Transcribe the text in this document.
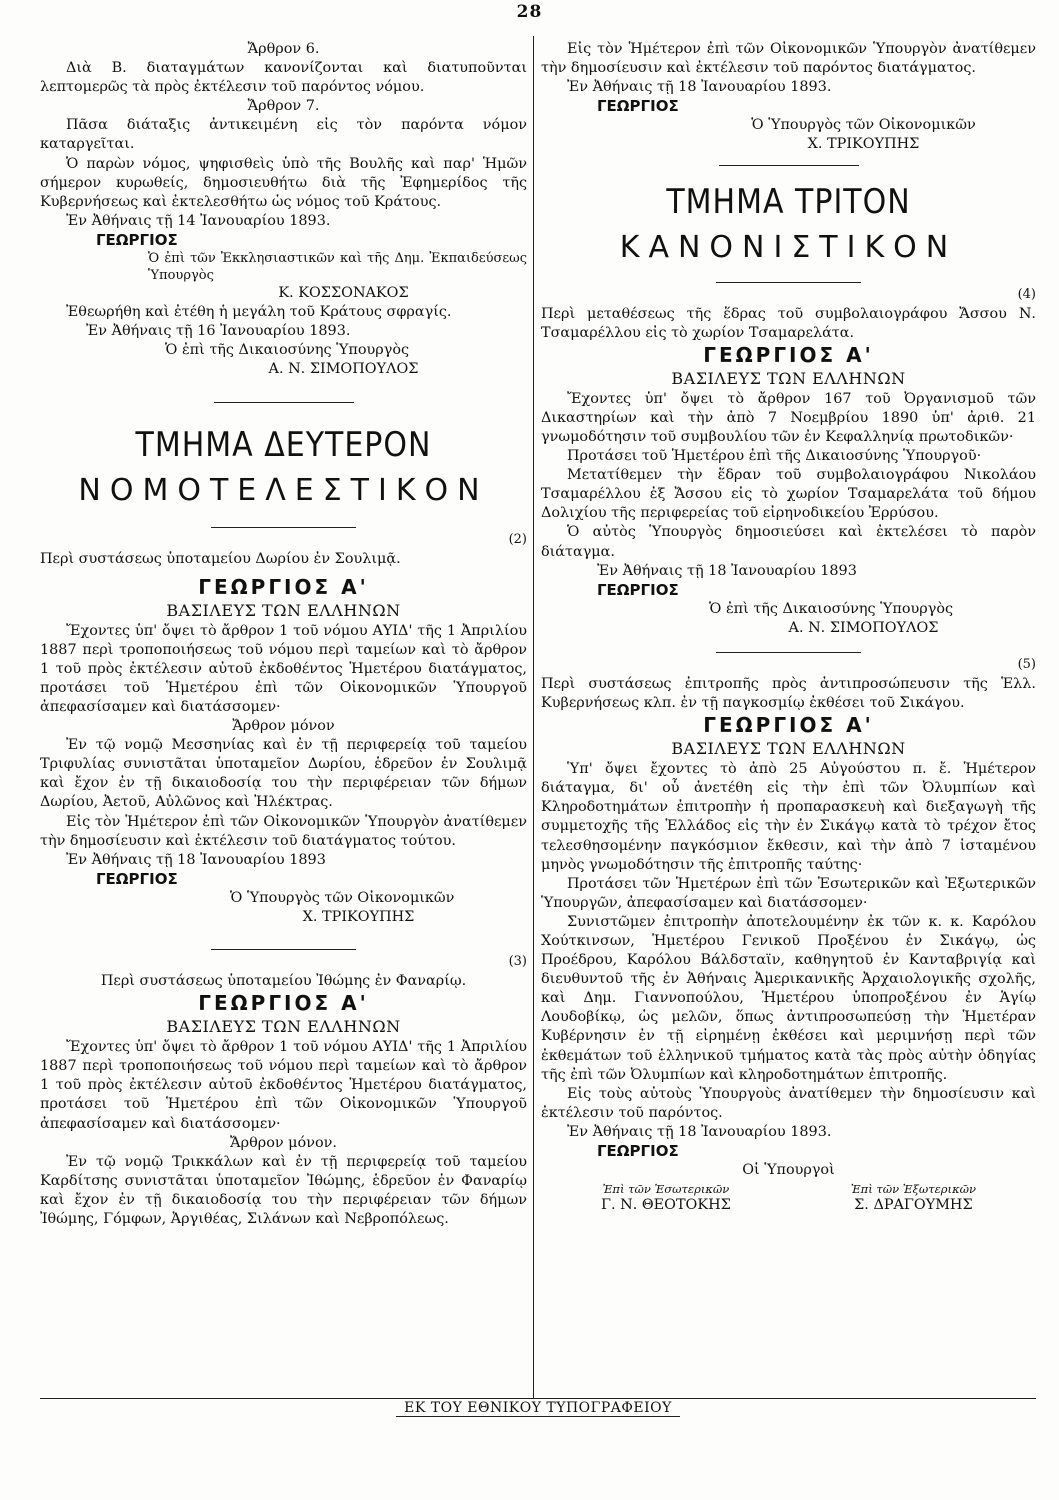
28

Ἄρθρον 6.

Διὰ Β. διαταγμάτων κανονίζονται καὶ διατυποῦνται λεπτομερῶς τὰ πρὸς ἐκτέλεσιν τοῦ παρόντος νόμου.

Ἄρθρον 7.

Πᾶσα διάταξις ἀντικειμένη εἰς τὸν παρόντα νόμον καταργεῖται.

Ὁ παρὼν νόμος, ψηφισθεὶς ὑπὸ τῆς Βουλῆς καὶ παρ' Ἡμῶν σήμερον κυρωθείς, δημοσιευθήτω διὰ τῆς Ἐφημερίδος τῆς Κυβερνήσεως καὶ ἐκτελεσθήτω ὡς νόμος τοῦ Κράτους.

Ἐν Ἀθήναις τῇ 14 Ἰανουαρίου 1893.

ΓΕΩΡΓΙΟΣ

Ὁ ἐπὶ τῶν Ἐκκλησιαστικῶν καὶ τῆς Δημ. Ἐκπαιδεύσεως Ὑπουργὸς

Κ. ΚΟΣΣΟΝΑΚΟΣ

Ἐθεωρήθη καὶ ἐτέθη ἡ μεγάλη τοῦ Κράτους σφραγίς.

Ἐν Ἀθήναις τῇ 16 Ἰανουαρίου 1893.

Ὁ ἐπὶ τῆς Δικαιοσύνης Ὑπουργὸς

Α. Ν. ΣΙΜΟΠΟΥΛΟΣ

ΤΜΗΜΑ ΔΕΥΤΕΡΟΝ
ΝΟΜΟΤΕΛΕΣΤΙΚΟΝ
(2)

Περὶ συστάσεως ὑποταμείου Δωρίου ἐν Σουλιμᾷ.

ΓΕΩΡΓΙΟΣ Α'

ΒΑΣΙΛΕΥΣ ΤΩΝ ΕΛΛΗΝΩΝ

Ἔχοντες ὑπ' ὄψει τὸ ἄρθρον 1 τοῦ νόμου ΑΥΙΔ' τῆς 1 Ἀπριλίου 1887 περὶ τροποποιήσεως τοῦ νόμου περὶ ταμείων καὶ τὸ ἄρθρον 1 τοῦ πρὸς ἐκτέλεσιν αὐτοῦ ἐκδοθέντος Ἡμετέρου διατάγματος, προτάσει τοῦ Ἡμετέρου ἐπὶ τῶν Οἰκονομικῶν Ὑπουργοῦ ἀπεφασίσαμεν καὶ διατάσσομεν·

Ἄρθρον μόνον

Ἐν τῷ νομῷ Μεσσηνίας καὶ ἐν τῇ περιφερείᾳ τοῦ ταμείου Τριφυλίας συνιστᾶται ὑποταμεῖον Δωρίου, ἑδρεῦον ἐν Σουλιμᾷ καὶ ἔχον ἐν τῇ δικαιοδοσίᾳ του τὴν περιφέρειαν τῶν δήμων Δωρίου, Ἀετοῦ, Αὐλῶνος καὶ Ἠλέκτρας.

Εἰς τὸν Ἡμέτερον ἐπὶ τῶν Οἰκονομικῶν Ὑπουργὸν ἀνατίθεμεν τὴν δημοσίευσιν καὶ ἐκτέλεσιν τοῦ διατάγματος τούτου.

Ἐν Ἀθήναις τῇ 18 Ἰανουαρίου 1893

ΓΕΩΡΓΙΟΣ

Ὁ Ὑπουργὸς τῶν Οἰκονομικῶν

Χ. ΤΡΙΚΟΥΠΗΣ

(3)

Περὶ συστάσεως ὑποταμείου Ἰθώμης ἐν Φαναρίῳ.

ΓΕΩΡΓΙΟΣ Α'

ΒΑΣΙΛΕΥΣ ΤΩΝ ΕΛΛΗΝΩΝ

Ἔχοντες ὑπ' ὄψει τὸ ἄρθρον 1 τοῦ νόμου ΑΥΙΔ' τῆς 1 Ἀπριλίου 1887 περὶ τροποποιήσεως τοῦ νόμου περὶ ταμείων καὶ τὸ ἄρθρον 1 τοῦ πρὸς ἐκτέλεσιν αὐτοῦ ἐκδοθέντος Ἡμετέρου διατάγματος, προτάσει τοῦ Ἡμετέρου ἐπὶ τῶν Οἰκονομικῶν Ὑπουργοῦ ἀπεφασίσαμεν καὶ διατάσσομεν·

Ἄρθρον μόνον.

Ἐν τῷ νομῷ Τρικκάλων καὶ ἐν τῇ περιφερείᾳ τοῦ ταμείου Καρδίτσης συνιστᾶται ὑποταμεῖον Ἰθώμης, ἑδρεῦον ἐν Φαναρίῳ καὶ ἔχον ἐν τῇ δικαιοδοσίᾳ του τὴν περιφέρειαν τῶν δήμων Ἰθώμης, Γόμφων, Ἀργιθέας, Σιλάνων καὶ Νεβροπόλεως.

Εἰς τὸν Ἡμέτερον ἐπὶ τῶν Οἰκονομικῶν Ὑπουργὸν ἀνατίθεμεν τὴν δημοσίευσιν καὶ ἐκτέλεσιν τοῦ παρόντος διατάγματος.

Ἐν Ἀθήναις τῇ 18 Ἰανουαρίου 1893.

ΓΕΩΡΓΙΟΣ

Ὁ Ὑπουργὸς τῶν Οἰκονομικῶν

Χ. ΤΡΙΚΟΥΠΗΣ

ΤΜΗΜΑ ΤΡΙΤΟΝ
ΚΑΝΟΝΙΣΤΙΚΟΝ
(4)

Περὶ μεταθέσεως τῆς ἕδρας τοῦ συμβολαιογράφου Ἄσσου Ν. Τσαμαρέλλου εἰς τὸ χωρίον Τσαμαρελάτα.

ΓΕΩΡΓΙΟΣ Α'

ΒΑΣΙΛΕΥΣ ΤΩΝ ΕΛΛΗΝΩΝ

Ἔχοντες ὑπ' ὄψει τὸ ἄρθρον 167 τοῦ Ὀργανισμοῦ τῶν Δικαστηρίων καὶ τὴν ἀπὸ 7 Νοεμβρίου 1890 ὑπ' ἀριθ. 21 γνωμοδότησιν τοῦ συμβουλίου τῶν ἐν Κεφαλληνίᾳ πρωτοδικῶν·

Προτάσει τοῦ Ἡμετέρου ἐπὶ τῆς Δικαιοσύνης Ὑπουργοῦ·

Μετατίθεμεν τὴν ἕδραν τοῦ συμβολαιογράφου Νικολάου Τσαμαρέλλου ἐξ Ἄσσου εἰς τὸ χωρίον Τσαμαρελάτα τοῦ δήμου Δολιχίου τῆς περιφερείας τοῦ εἰρηνοδικείου Ἐρρύσου.

Ὁ αὐτὸς Ὑπουργὸς δημοσιεύσει καὶ ἐκτελέσει τὸ παρὸν διάταγμα.

Ἐν Ἀθήναις τῇ 18 Ἰανουαρίου 1893

ΓΕΩΡΓΙΟΣ

Ὁ ἐπὶ τῆς Δικαιοσύνης Ὑπουργὸς

Α. Ν. ΣΙΜΟΠΟΥΛΟΣ

(5)

Περὶ συστάσεως ἐπιτροπῆς πρὸς ἀντιπροσώπευσιν τῆς Ἑλλ. Κυβερνήσεως κλπ. ἐν τῇ παγκοσμίῳ ἐκθέσει τοῦ Σικάγου.

ΓΕΩΡΓΙΟΣ Α'

ΒΑΣΙΛΕΥΣ ΤΩΝ ΕΛΛΗΝΩΝ

Ὑπ' ὄψει ἔχοντες τὸ ἀπὸ 25 Αὐγούστου π. ἔ. Ἡμέτερον διάταγμα, δι' οὗ ἀνετέθη εἰς τὴν ἐπὶ τῶν Ὀλυμπίων καὶ Κληροδοτημάτων ἐπιτροπὴν ἡ προπαρασκευὴ καὶ διεξαγωγὴ τῆς συμμετοχῆς τῆς Ἑλλάδος εἰς τὴν ἐν Σικάγῳ κατὰ τὸ τρέχον ἔτος τελεσθησομένην παγκόσμιον ἔκθεσιν, καὶ τὴν ἀπὸ 7 ἱσταμένου μηνὸς γνωμοδότησιν τῆς ἐπιτροπῆς ταύτης·

Προτάσει τῶν Ἡμετέρων ἐπὶ τῶν Ἐσωτερικῶν καὶ Ἐξωτερικῶν Ὑπουργῶν, ἀπεφασίσαμεν καὶ διατάσσομεν·

Συνιστῶμεν ἐπιτροπὴν ἀποτελουμένην ἐκ τῶν κ. κ. Καρόλου Χούτκινσων, Ἡμετέρου Γενικοῦ Προξένου ἐν Σικάγῳ, ὡς Προέδρου, Καρόλου Βάλδσταϊν, καθηγητοῦ ἐν Κανταβριγίᾳ καὶ διευθυντοῦ τῆς ἐν Ἀθήναις Ἀμερικανικῆς Ἀρχαιολογικῆς σχολῆς, καὶ Δημ. Γιαννοπούλου, Ἡμετέρου ὑποπροξένου ἐν Ἁγίῳ Λουδοβίκῳ, ὡς μελῶν, ὅπως ἀντιπροσωπεύσῃ τὴν Ἡμετέραν Κυβέρνησιν ἐν τῇ εἰρημένῃ ἐκθέσει καὶ μεριμνήσῃ περὶ τῶν ἐκθεμάτων τοῦ ἑλληνικοῦ τμήματος κατὰ τὰς πρὸς αὐτὴν ὁδηγίας τῆς ἐπὶ τῶν Ὀλυμπίων καὶ κληροδοτημάτων ἐπιτροπῆς.

Εἰς τοὺς αὐτοὺς Ὑπουργοὺς ἀνατίθεμεν τὴν δημοσίευσιν καὶ ἐκτέλεσιν τοῦ παρόντος.

Ἐν Ἀθήναις τῇ 18 Ἰανουαρίου 1893.

ΓΕΩΡΓΙΟΣ

Οἱ Ὑπουργοὶ

Ἐπὶ τῶν Ἐσωτερικῶν
Γ. Ν. ΘΕΟΤΟΚΗΣ
Ἐπὶ τῶν Ἐξωτερικῶν
Σ. ΔΡΑΓΟΥΜΗΣ
ΕΚ ΤΟΥ ΕΘΝΙΚΟΥ ΤΥΠΟΓΡΑΦΕΙΟΥ
